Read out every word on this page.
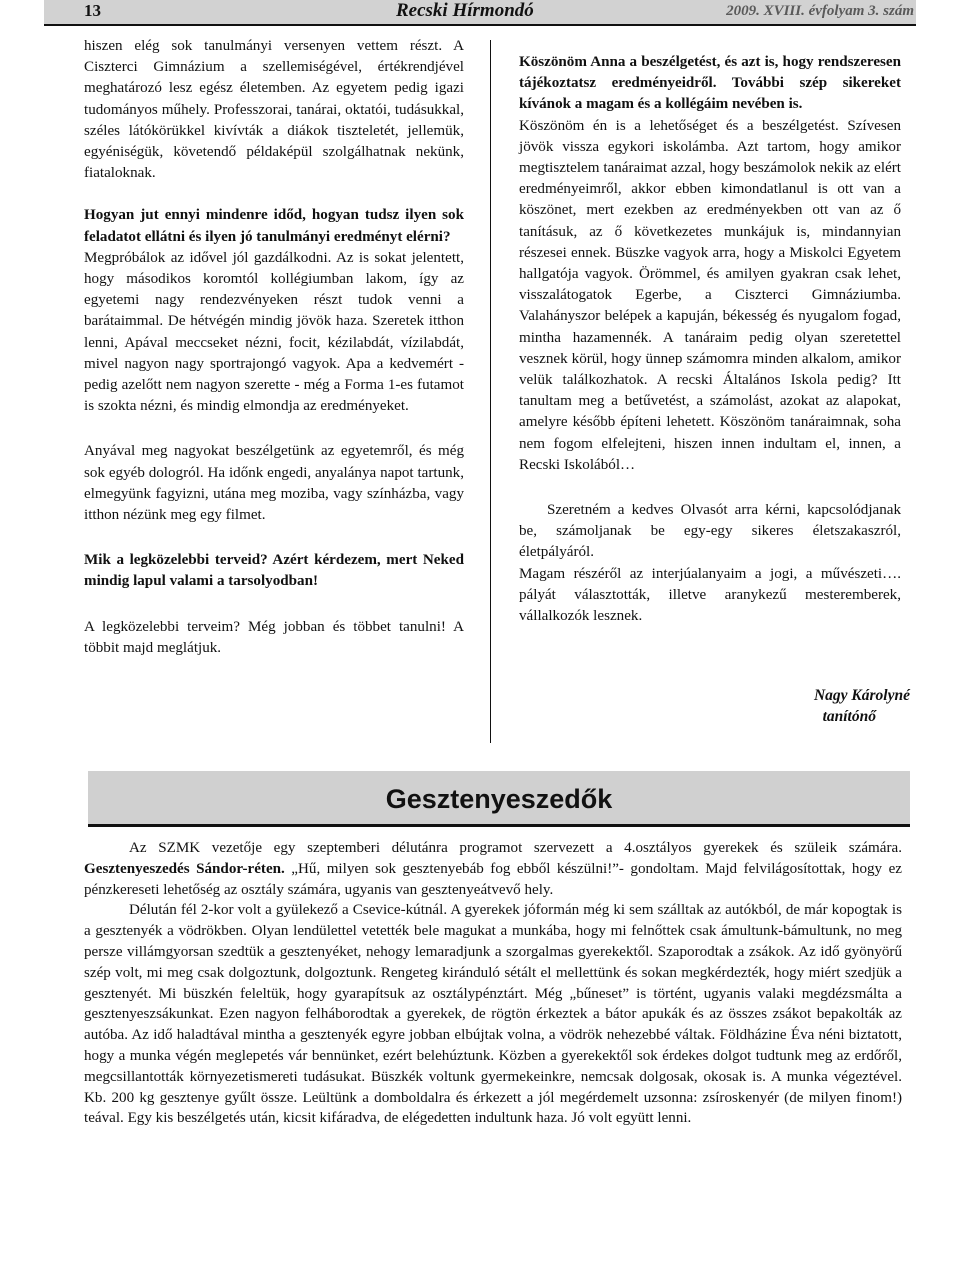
13	Recski Hírmondó	2009. XVIII. évfolyam 3. szám

hiszen elég sok tanulmányi versenyen vettem részt. A Ciszterci Gimnázium a szellemiségével, értékrendjével meghatározó lesz egész életemben. Az egyetem pedig igazi tudományos műhely. Professzorai, tanárai, oktatói, tudásukkal, széles látókörükkel kivívták a diákok tiszteletét, jellemük, egyéniségük, követendő példaképül szolgálhatnak nekünk, fiataloknak.

Hogyan jut ennyi mindenre időd, hogyan tudsz ilyen sok feladatot ellátni és ilyen jó tanulmányi eredményt elérni?

Megpróbálok az idővel jól gazdálkodni. Az is sokat jelentett, hogy másodikos koromtól kollégiumban lakom, így az egyetemi nagy rendezvényeken részt tudok venni a barátaimmal. De hétvégén mindig jövök haza. Szeretek itthon lenni, Apával meccseket nézni, focit, kézilabdát, vízilabdát, mivel nagyon nagy sportrajongó vagyok. Apa a kedvemért - pedig azelőtt nem nagyon szerette - még a Forma 1-es futamot is szokta nézni, és mindig elmondja az eredményeket.

Anyával meg nagyokat beszélgetünk az egyetemről, és még sok egyéb dologról. Ha időnk engedi, anyalánya napot tartunk, elmegyünk fagyizni, utána meg moziba, vagy színházba, vagy itthon nézünk meg egy filmet.

Mik a legközelebbi terveid? Azért kérdezem, mert Neked mindig lapul valami a tarsolyodban!

A legközelebbi terveim? Még jobban és többet tanulni! A többit majd meglátjuk.

Köszönöm Anna a beszélgetést, és azt is, hogy rendszeresen tájékoztatsz eredményeidről. További szép sikereket kívánok a magam és a kollégáim nevében is.

Köszönöm én is a lehetőséget és a beszélgetést. Szívesen jövök vissza egykori iskolámba. Azt tartom, hogy amikor megtisztelem tanáraimat azzal, hogy beszámolok nekik az elért eredményeimről, akkor ebben kimondatlanul is ott van a köszönet, mert ezekben az eredményekben ott van az ő tanításuk, az ő következetes munkájuk is, mindannyian részesei ennek. Büszke vagyok arra, hogy a Miskolci Egyetem hallgatója vagyok. Örömmel, és amilyen gyakran csak lehet, visszalátogatok Egerbe, a Ciszterci Gimnáziumba. Valahányszor belépek a kapuján, békesség és nyugalom fogad, mintha hazamennék. A tanáraim pedig olyan szeretettel vesznek körül, hogy ünnep számomra minden alkalom, amikor velük találkozhatok. A recski Általános Iskola pedig? Itt tanultam meg a betűvetést, a számolást, azokat az alapokat, amelyre később építeni lehetett. Köszönöm tanáraimnak, soha nem fogom elfelejteni, hiszen innen indultam el, innen, a Recski Iskolából…

Szeretném a kedves Olvasót arra kérni, kapcsolódjanak be, számoljanak be egy-egy sikeres életszakaszról, életpályáról.

Magam részéről az interjúalanyaim a jogi, a művészeti…. pályát választották, illetve aranykezű mesteremberek, vállalkozók lesznek.

Nagy Károlyné
tanítónő
Gesztenyeszedők

Az SZMK vezetője egy szeptemberi délutánra programot szervezett a 4.osztályos gyerekek és szüleik számára. Gesztenyeszedés Sándor-réten. „Hű, milyen sok gesztenyebáb fog ebből készülni!”- gondoltam. Majd felvilágosítottak, hogy ez pénzkereseti lehetőség az osztály számára, ugyanis van gesztenyeátvevő hely.

Délután fél 2-kor volt a gyülekező a Csevice-kútnál. A gyerekek jóformán még ki sem szálltak az autókból, de már kopogtak is a gesztenyék a vödrökben. Olyan lendülettel vetették bele magukat a munkába, hogy mi felnőttek csak ámultunk-bámultunk, no meg persze villámgyorsan szedtük a gesztenyéket, nehogy lemaradjunk a szorgalmas gyerekektől. Szaporodtak a zsákok. Az idő gyönyörű szép volt, mi meg csak dolgoztunk, dolgoztunk. Rengeteg kiránduló sétált el mellettünk és sokan megkérdezték, hogy miért szedjük a gesztenyét. Mi büszkén feleltük, hogy gyarapítsuk az osztálypénztárt. Még „bűneset” is történt, ugyanis valaki megdézsmálta a gesztenyeszsákunkat. Ezen nagyon felháborodtak a gyerekek, de rögtön érkeztek a bátor apukák és az összes zsákot bepakolták az autóba. Az idő haladtával mintha a gesztenyék egyre jobban elbújtak volna, a vödrök nehezebbé váltak. Földházine Éva néni biztatott, hogy a munka végén meglepetés vár bennünket, ezért belehúztunk. Közben a gyerekektől sok érdekes dolgot tudtunk meg az erdőről, megcsillantották környezetismereti tudásukat. Büszkék voltunk gyermekeinkre, nemcsak dolgosak, okosak is. A munka végeztével. Kb. 200 kg gesztenye gyűlt össze. Leültünk a domboldalra és érkezett a jól megérdemelt uzsonna: zsíroskenyér (de milyen finom!) teával. Egy kis beszélgetés után, kicsit kifáradva, de elégedetten indultunk haza. Jó volt együtt lenni.
